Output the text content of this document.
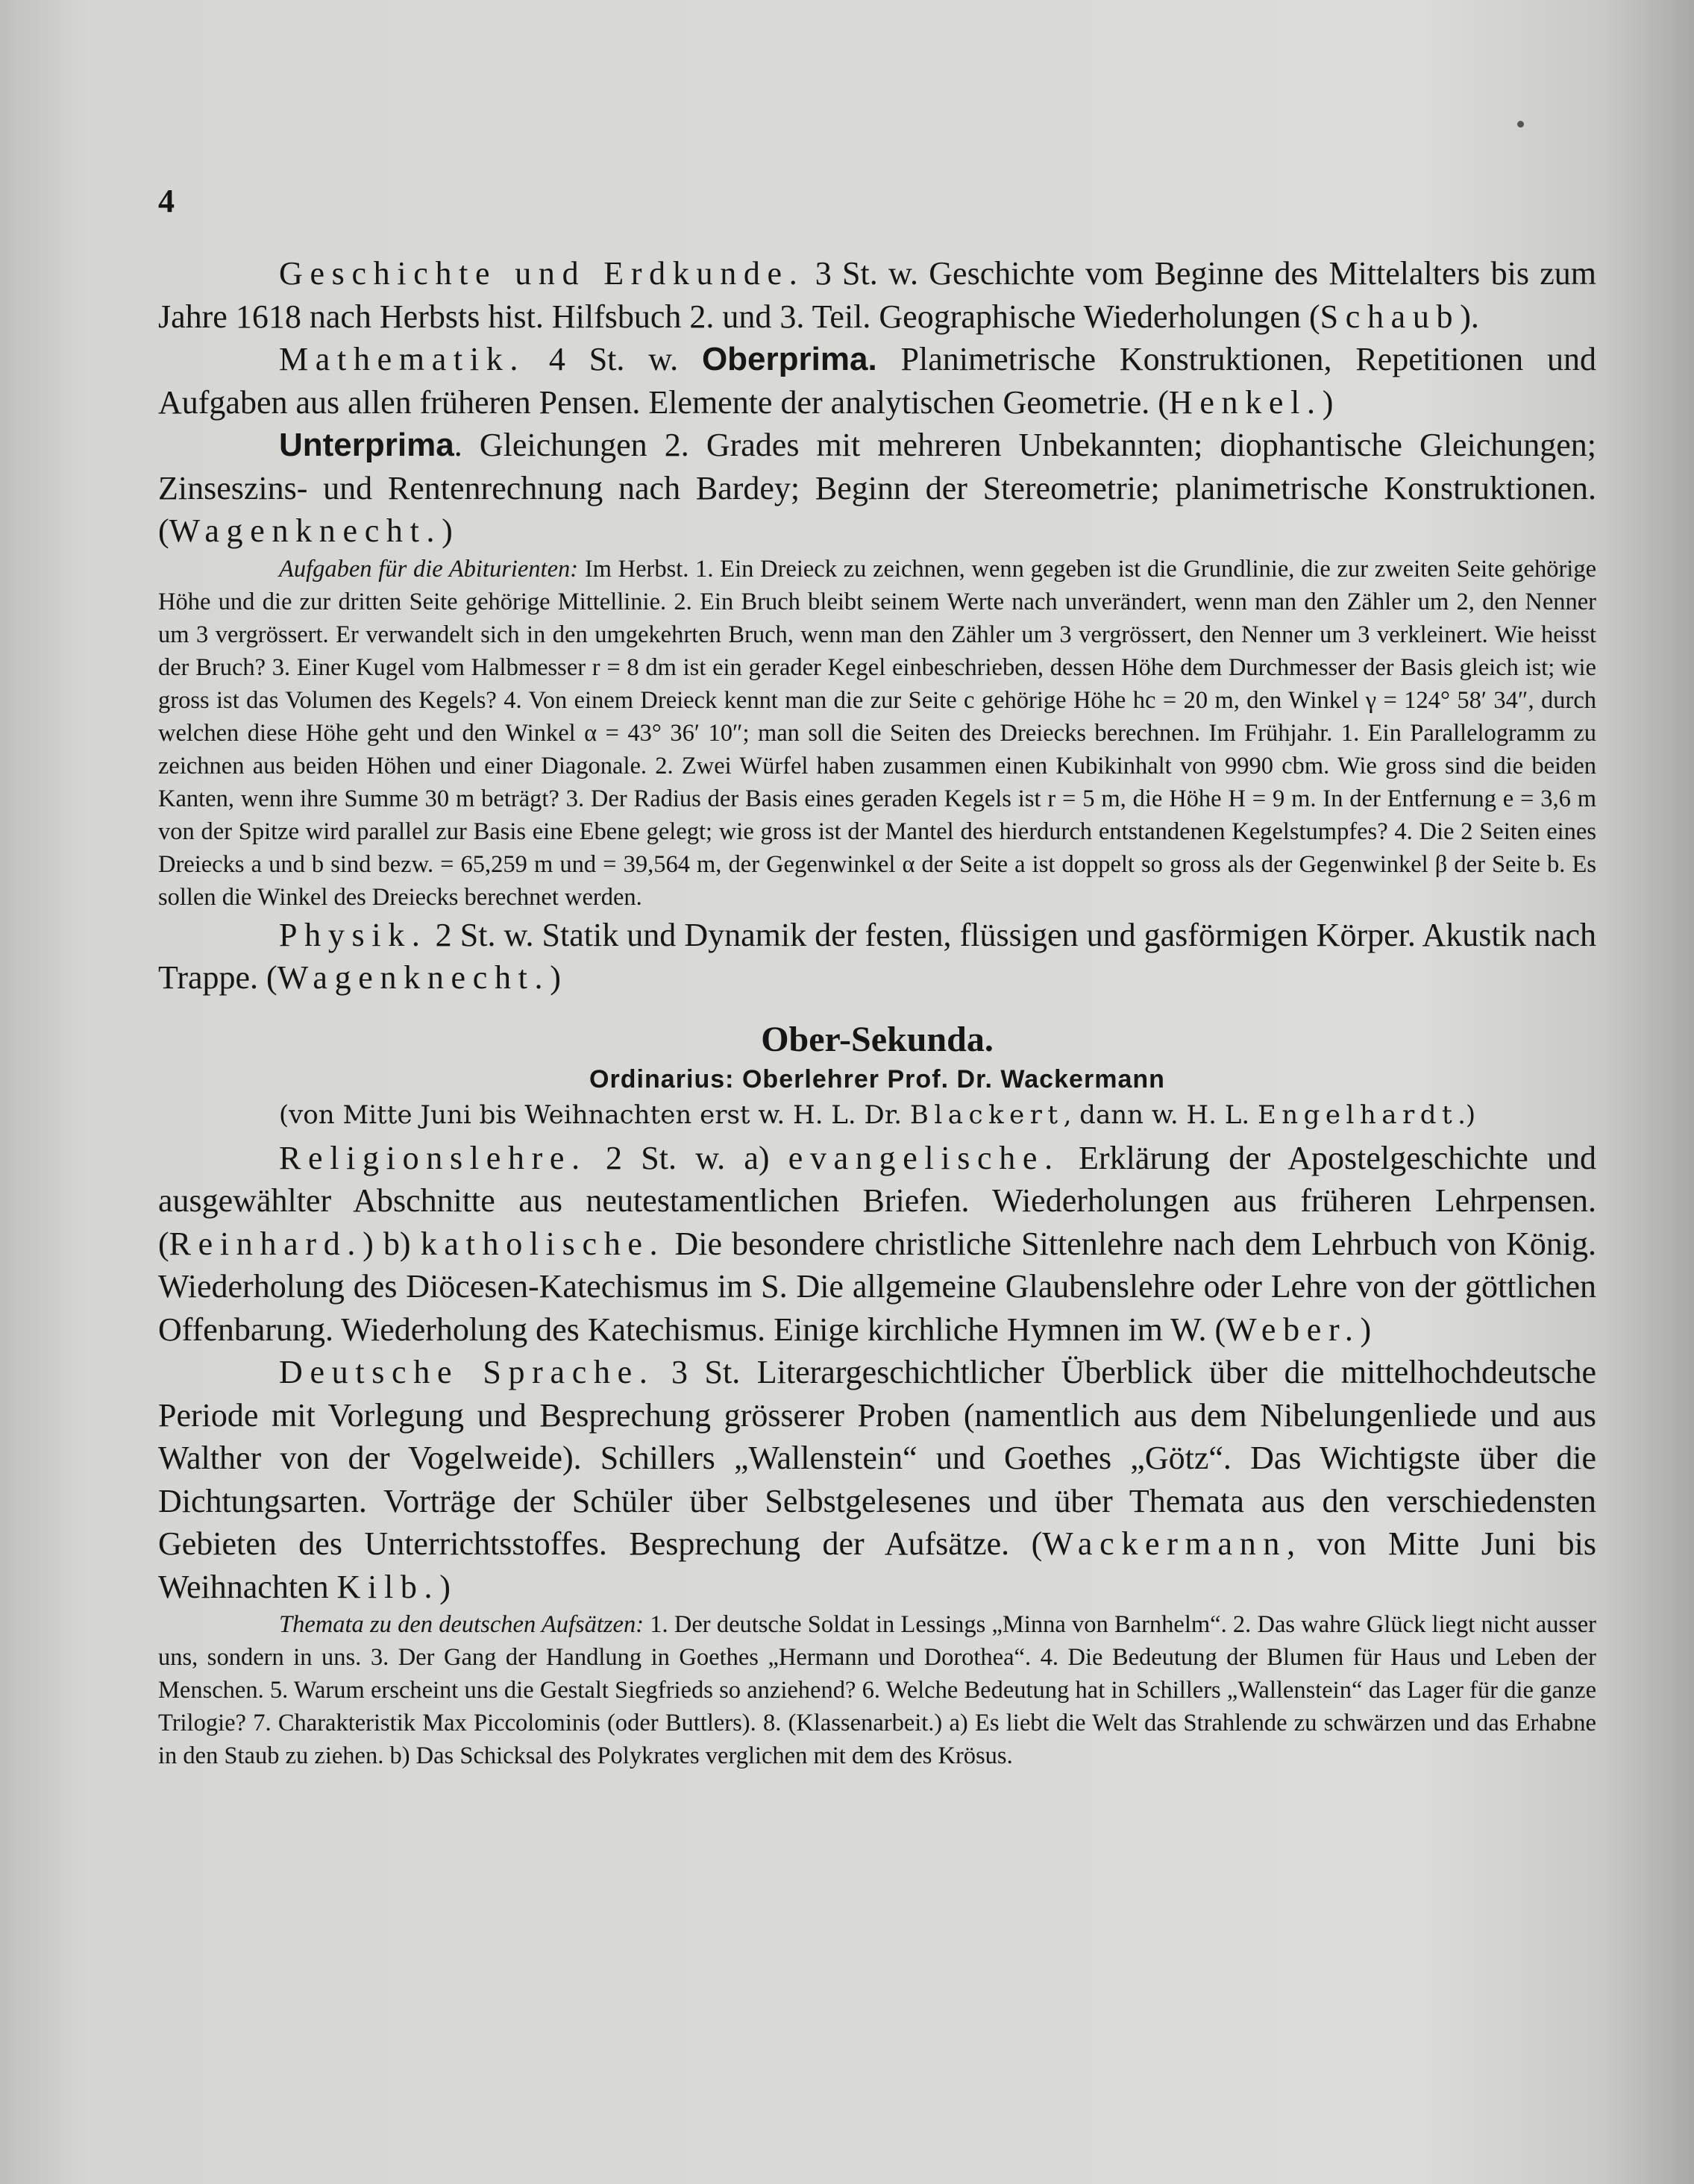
4

Geschichte und Erdkunde. 3 St. w. Geschichte vom Beginne des Mittelalters bis zum Jahre 1618 nach Herbsts hist. Hilfsbuch 2. und 3. Teil. Geographische Wiederholungen (Schaub).

Mathematik. 4 St. w. Oberprima. Planimetrische Konstruktionen, Repetitionen und Aufgaben aus allen früheren Pensen. Elemente der analytischen Geometrie. (Henkel.)

Unterprima. Gleichungen 2. Grades mit mehreren Unbekannten; diophantische Gleichungen; Zinseszins- und Rentenrechnung nach Bardey; Beginn der Stereometrie; planimetrische Konstruktionen. (Wagenknecht.)

Aufgaben für die Abiturienten: Im Herbst. 1. Ein Dreieck zu zeichnen, wenn gegeben ist die Grundlinie, die zur zweiten Seite gehörige Höhe und die zur dritten Seite gehörige Mittellinie. 2. Ein Bruch bleibt seinem Werte nach unverändert, wenn man den Zähler um 2, den Nenner um 3 vergrössert. Er verwandelt sich in den umgekehrten Bruch, wenn man den Zähler um 3 vergrössert, den Nenner um 3 verkleinert. Wie heisst der Bruch? 3. Einer Kugel vom Halbmesser r = 8 dm ist ein gerader Kegel einbeschrieben, dessen Höhe dem Durchmesser der Basis gleich ist; wie gross ist das Volumen des Kegels? 4. Von einem Dreieck kennt man die zur Seite c gehörige Höhe hc = 20 m, den Winkel γ = 124° 58′ 34″, durch welchen diese Höhe geht und den Winkel α = 43° 36′ 10″; man soll die Seiten des Dreiecks berechnen. Im Frühjahr. 1. Ein Parallelogramm zu zeichnen aus beiden Höhen und einer Diagonale. 2. Zwei Würfel haben zusammen einen Kubikinhalt von 9990 cbm. Wie gross sind die beiden Kanten, wenn ihre Summe 30 m beträgt? 3. Der Radius der Basis eines geraden Kegels ist r = 5 m, die Höhe H = 9 m. In der Entfernung e = 3,6 m von der Spitze wird parallel zur Basis eine Ebene gelegt; wie gross ist der Mantel des hierdurch entstandenen Kegelstumpfes? 4. Die 2 Seiten eines Dreiecks a und b sind bezw. = 65,259 m und = 39,564 m, der Gegenwinkel α der Seite a ist doppelt so gross als der Gegenwinkel β der Seite b. Es sollen die Winkel des Dreiecks berechnet werden.

Physik. 2 St. w. Statik und Dynamik der festen, flüssigen und gasförmigen Körper. Akustik nach Trappe. (Wagenknecht.)

Ober-Sekunda.

Ordinarius: Oberlehrer Prof. Dr. Wackermann

(von Mitte Juni bis Weihnachten erst w. H. L. Dr. Blackert, dann w. H. L. Engelhardt.)

Religionslehre. 2 St. w. a) evangelische. Erklärung der Apostelgeschichte und ausgewählter Abschnitte aus neutestamentlichen Briefen. Wiederholungen aus früheren Lehrpensen. (Reinhard.) b) katholische. Die besondere christliche Sittenlehre nach dem Lehrbuch von König. Wiederholung des Diöcesen-Katechismus im S. Die allgemeine Glaubenslehre oder Lehre von der göttlichen Offenbarung. Wiederholung des Katechismus. Einige kirchliche Hymnen im W. (Weber.)

Deutsche Sprache. 3 St. Literargeschichtlicher Überblick über die mittelhochdeutsche Periode mit Vorlegung und Besprechung grösserer Proben (namentlich aus dem Nibelungenliede und aus Walther von der Vogelweide). Schillers „Wallenstein“ und Goethes „Götz“. Das Wichtigste über die Dichtungsarten. Vorträge der Schüler über Selbstgelesenes und über Themata aus den verschiedensten Gebieten des Unterrichtsstoffes. Besprechung der Aufsätze. (Wackermann, von Mitte Juni bis Weihnachten Kilb.)

Themata zu den deutschen Aufsätzen: 1. Der deutsche Soldat in Lessings „Minna von Barnhelm“. 2. Das wahre Glück liegt nicht ausser uns, sondern in uns. 3. Der Gang der Handlung in Goethes „Hermann und Dorothea“. 4. Die Bedeutung der Blumen für Haus und Leben der Menschen. 5. Warum erscheint uns die Gestalt Siegfrieds so anziehend? 6. Welche Bedeutung hat in Schillers „Wallenstein“ das Lager für die ganze Trilogie? 7. Charakteristik Max Piccolominis (oder Buttlers). 8. (Klassenarbeit.) a) Es liebt die Welt das Strahlende zu schwärzen und das Erhabne in den Staub zu ziehen. b) Das Schicksal des Polykrates verglichen mit dem des Krösus.
